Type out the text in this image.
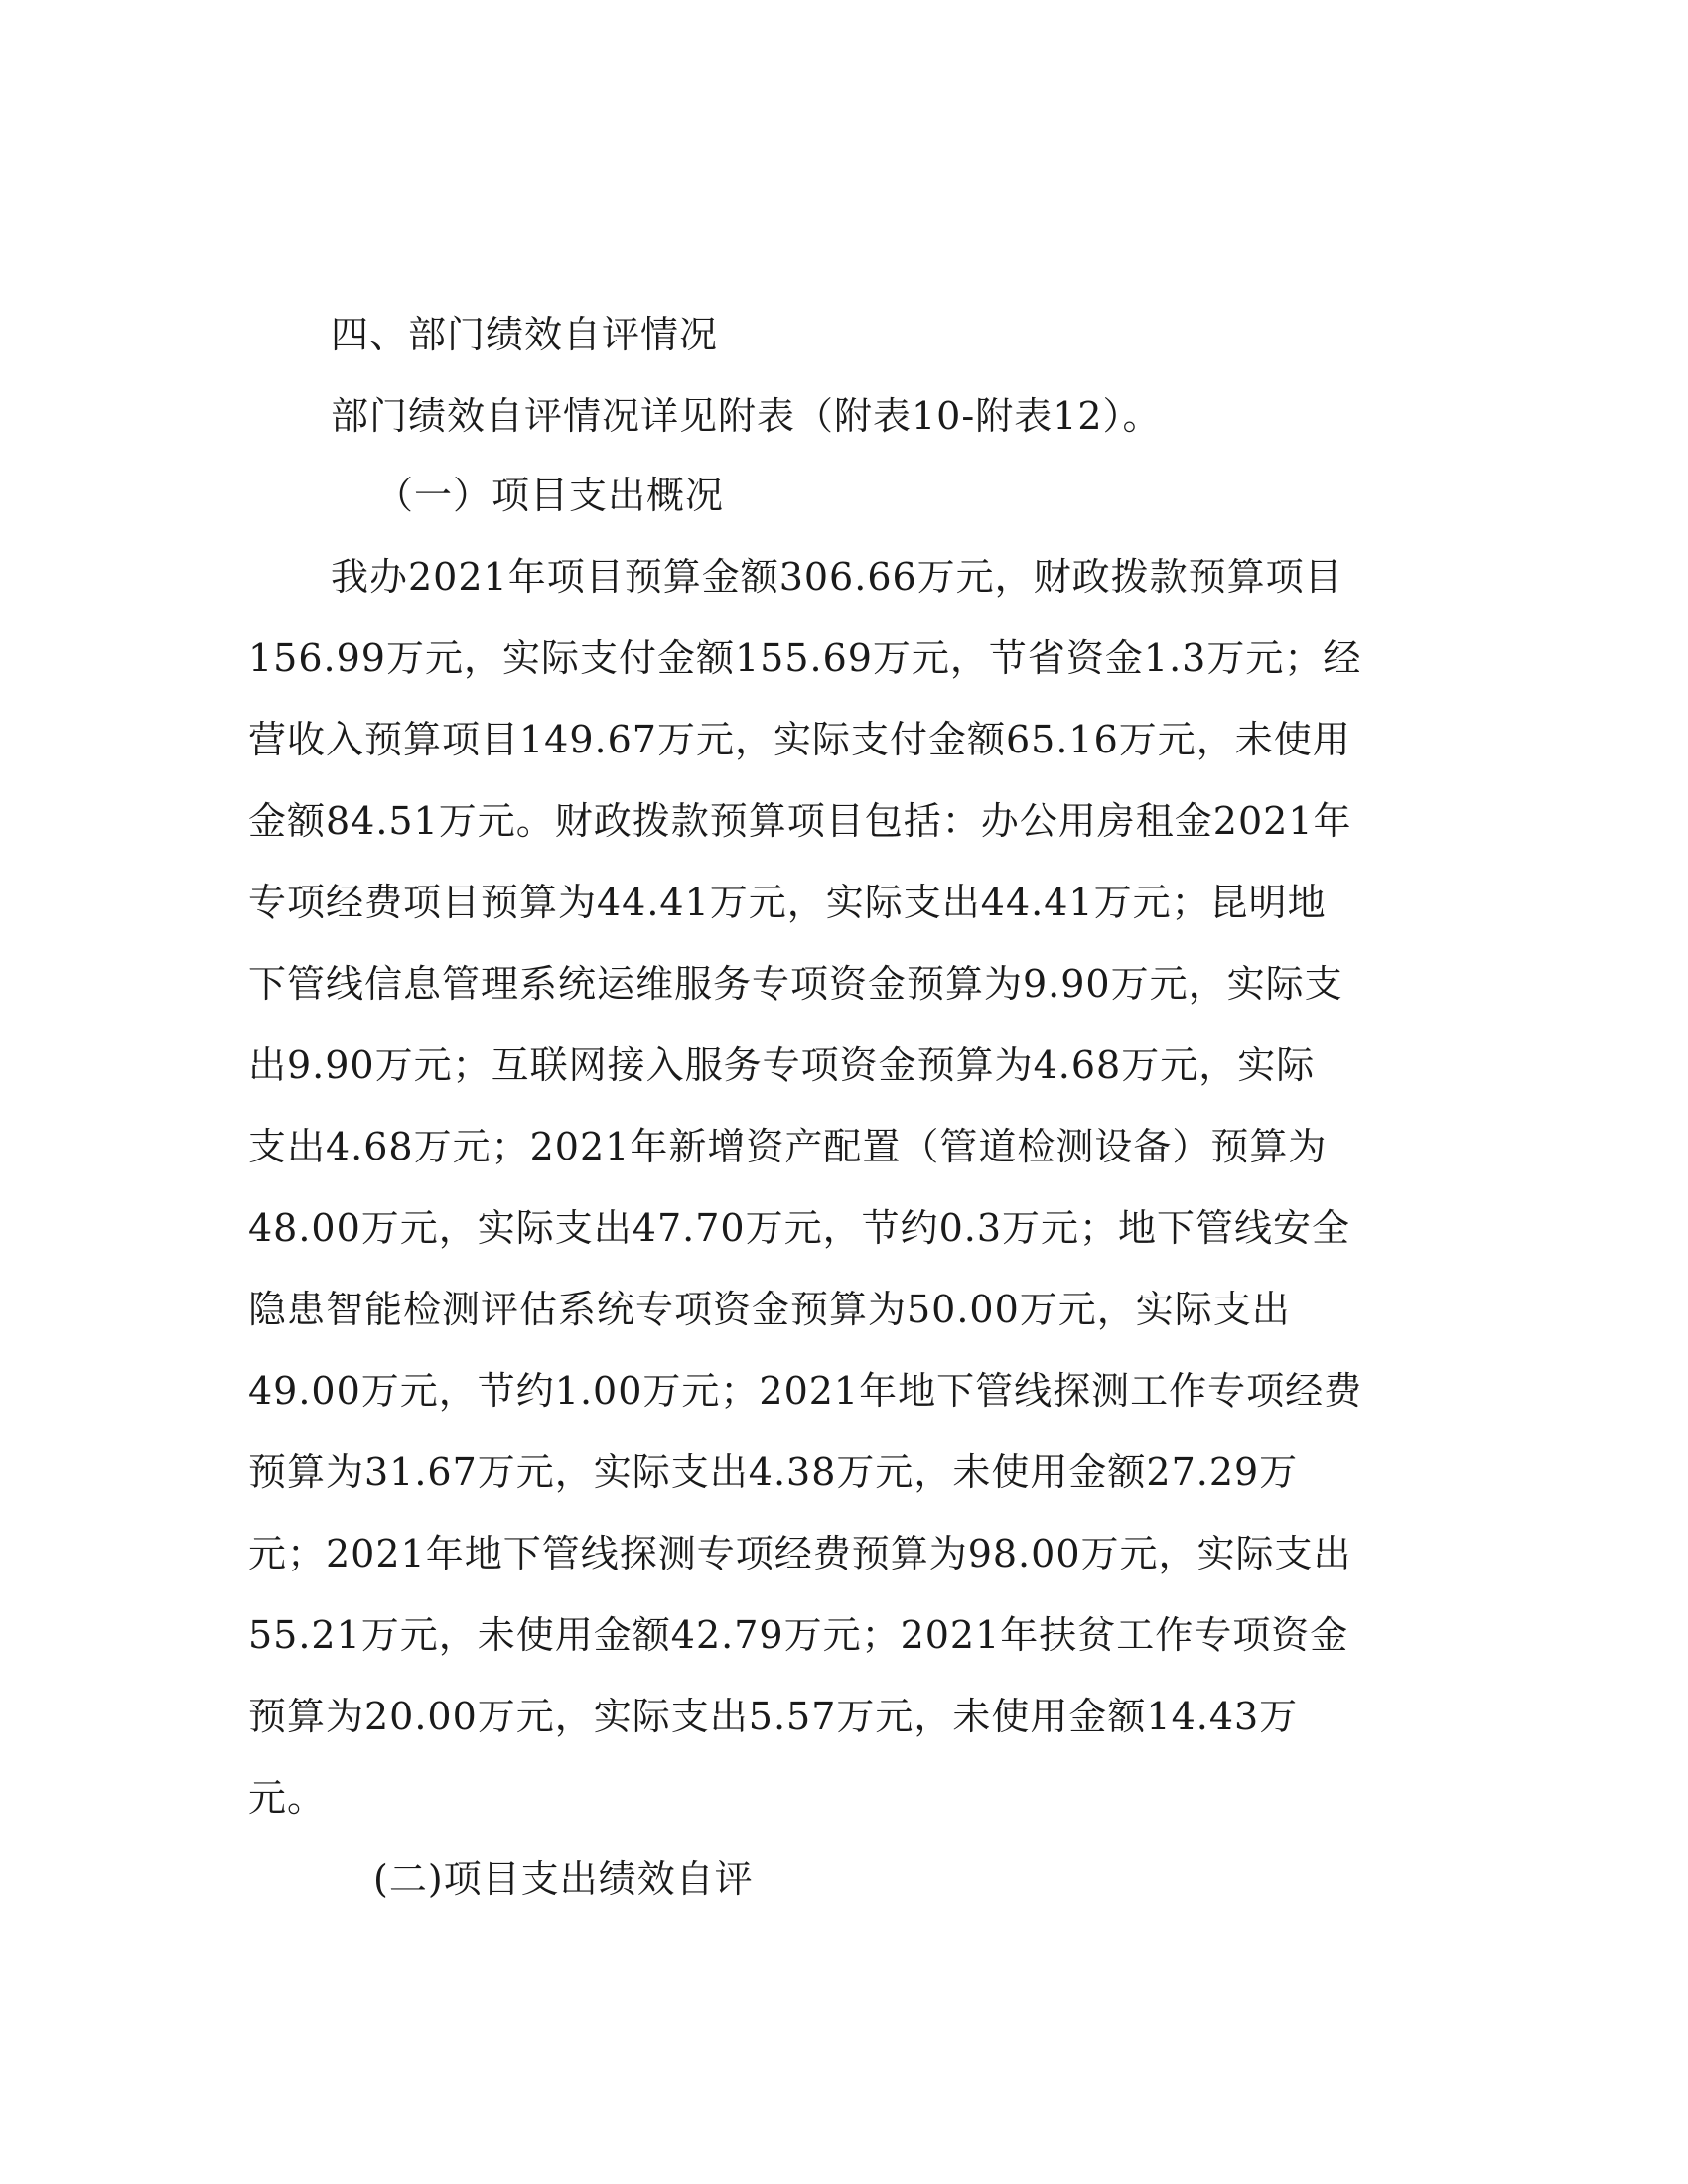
四、部门绩效自评情况
部门绩效自评情况详见附表（附表10-附表12）。
（一）项目支出概况
我办2021年项目预算金额306.66万元，财政拨款预算项目
156.99万元，实际支付金额155.69万元，节省资金1.3万元；经
营收入预算项目149.67万元，实际支付金额65.16万元，未使用
金额84.51万元。财政拨款预算项目包括：办公用房租金2021年
专项经费项目预算为44.41万元，实际支出44.41万元；昆明地
下管线信息管理系统运维服务专项资金预算为9.90万元，实际支
出9.90万元；互联网接入服务专项资金预算为4.68万元，实际
支出4.68万元；2021年新增资产配置（管道检测设备）预算为
48.00万元，实际支出47.70万元，节约0.3万元；地下管线安全
隐患智能检测评估系统专项资金预算为50.00万元，实际支出
49.00万元，节约1.00万元；2021年地下管线探测工作专项经费
预算为31.67万元，实际支出4.38万元，未使用金额27.29万
元；2021年地下管线探测专项经费预算为98.00万元，实际支出
55.21万元，未使用金额42.79万元；2021年扶贫工作专项资金
预算为20.00万元，实际支出5.57万元，未使用金额14.43万
元。
(二)项目支出绩效自评
